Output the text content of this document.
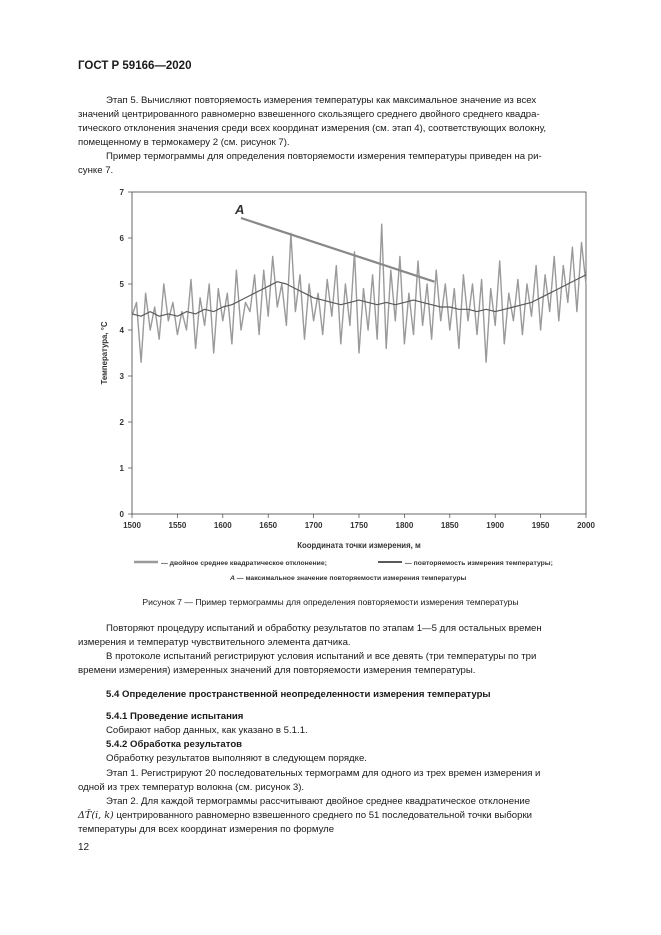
ГОСТ Р 59166—2020
Этап 5. Вычисляют повторяемость измерения температуры как максимальное значение из всех
значений центрированного равномерно взвешенного скользящего среднего двойного среднего квадра-
тического отклонения значения среди всех координат измерения (см. этап 4), соответствующих волокну,
помещенному в термокамеру 2 (см. рисунок 7).
Пример термограммы для определения повторяемости измерения температуры приведен на ри-
сунке 7.
1500	1550	1600	1650	1700	1750	1800	1850	1900	1950	2000
0
1
2
3
4
5
6
7
Координата точки измерения, м
Температура, °С
A
— двойное среднее квадратическое отклонение;	— повторяемость измерения температуры;
А — максимальное значение повторяемости измерения температуры
Рисунок 7 — Пример термограммы для определения повторяемости измерения температуры
Повторяют процедуру испытаний и обработку результатов по этапам 1—5 для остальных времен
измерения и температур чувствительного элемента датчика.
В протоколе испытаний регистрируют условия испытаний и все девять (три температуры по три
времени измерения) измеренных значений для повторяемости измерения температуры.
5.4 Определение пространственной неопределенности измерения температуры
5.4.1 Проведение испытания
Собирают набор данных, как указано в 5.1.1.
5.4.2 Обработка результатов
Обработку результатов выполняют в следующем порядке.
Этап 1. Регистрируют 20 последовательных термограмм для одного из трех времен измерения и
одной из трех температур волокна (см. рисунок 3).
Этап 2. Для каждой термограммы рассчитывают двойное среднее квадратическое отклонение
ΔT̄(i, k) центрированного равномерно взвешенного среднего по 51 последовательной точки выборки
температуры для всех координат измерения по формуле
12
